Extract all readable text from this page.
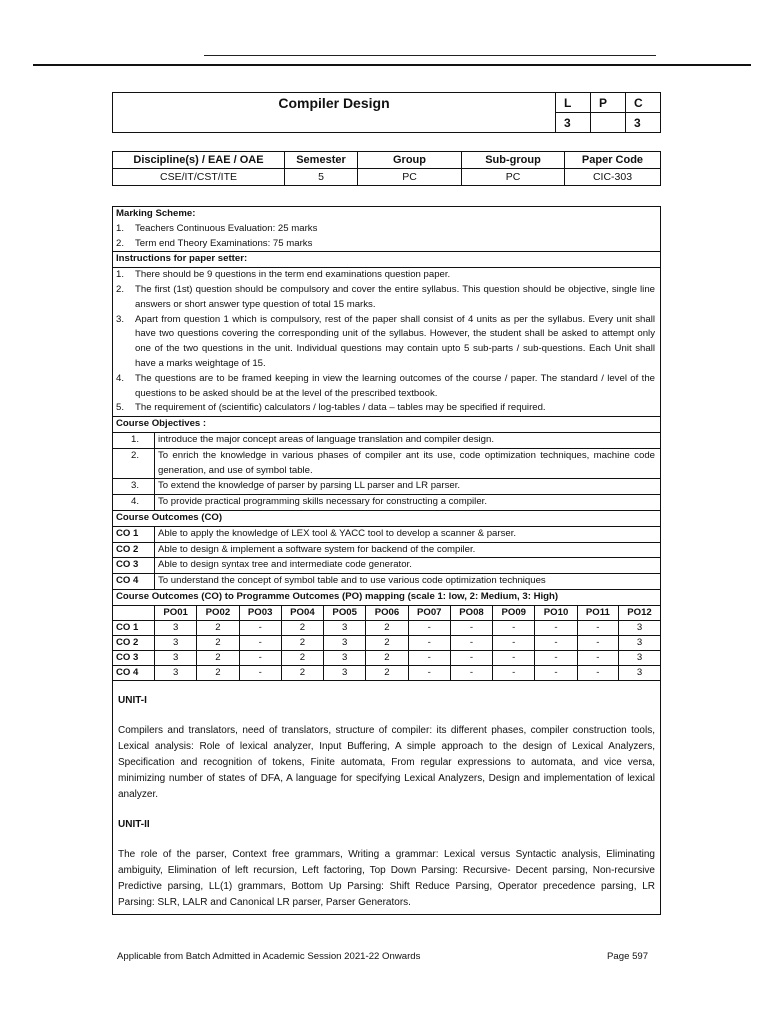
Compiler Design	L	P	C
	3		3
Discipline(s) / EAE / OAE	Semester	Group	Sub-group	Paper Code
CSE/IT/CST/ITE	5	PC	PC	CIC-303
Marking Scheme:
1.	Teachers Continuous Evaluation: 25 marks
2.	Term end Theory Examinations: 75 marks
Instructions for paper setter:
1.	There should be 9 questions in the term end examinations question paper.
2.	The first (1st) question should be compulsory and cover the entire syllabus. This question should be objective, single line answers or short answer type question of total 15 marks.
3.	Apart from question 1 which is compulsory, rest of the paper shall consist of 4 units as per the syllabus. Every unit shall have two questions covering the corresponding unit of the syllabus. However, the student shall be asked to attempt only one of the two questions in the unit. Individual questions may contain upto 5 sub-parts / sub-questions. Each Unit shall have a marks weightage of 15.
4.	The questions are to be framed keeping in view the learning outcomes of the course / paper. The standard / level of the questions to be asked should be at the level of the prescribed textbook.
5.	The requirement of (scientific) calculators / log-tables / data – tables may be specified if required.
Course Objectives :
1.	introduce the major concept areas of language translation and compiler design.
2.	To enrich the knowledge in various phases of compiler ant its use, code optimization techniques, machine code generation, and use of symbol table.
3.	To extend the knowledge of parser by parsing LL parser and LR parser.
4.	To provide practical programming skills necessary for constructing a compiler.
Course Outcomes (CO)
CO 1	Able to apply the knowledge of LEX tool & YACC tool to develop a scanner & parser.
CO 2	Able to design & implement a software system for backend of the compiler.
CO 3	Able to design syntax tree and intermediate code generator.
CO 4	To understand the concept of symbol table and to use various code optimization techniques
Course Outcomes (CO) to Programme Outcomes (PO) mapping (scale 1: low, 2: Medium, 3: High)
	PO01	PO02	PO03	PO04	PO05	PO06	PO07	PO08	PO09	PO10	PO11	PO12
CO 1	3	2	-	2	3	2	-	-	-	-	-	3
CO 2	3	2	-	2	3	2	-	-	-	-	-	3
CO 3	3	2	-	2	3	2	-	-	-	-	-	3
CO 4	3	2	-	2	3	2	-	-	-	-	-	3
UNIT-I
Compilers and translators, need of translators, structure of compiler: its different phases, compiler construction tools, Lexical analysis: Role of lexical analyzer, Input Buffering, A simple approach to the design of Lexical Analyzers, Specification and recognition of tokens, Finite automata, From regular expressions to automata, and vice versa, minimizing number of states of DFA, A language for specifying Lexical Analyzers, Design and implementation of lexical analyzer.
UNIT-II
The role of the parser, Context free grammars, Writing a grammar: Lexical versus Syntactic analysis, Eliminating ambiguity, Elimination of left recursion, Left factoring, Top Down Parsing: Recursive- Decent parsing, Non-recursive Predictive parsing, LL(1) grammars, Bottom Up Parsing: Shift Reduce Parsing, Operator precedence parsing, LR Parsing: SLR, LALR and Canonical LR parser, Parser Generators.
Applicable from Batch Admitted in Academic Session 2021-22 Onwards	Page 597
